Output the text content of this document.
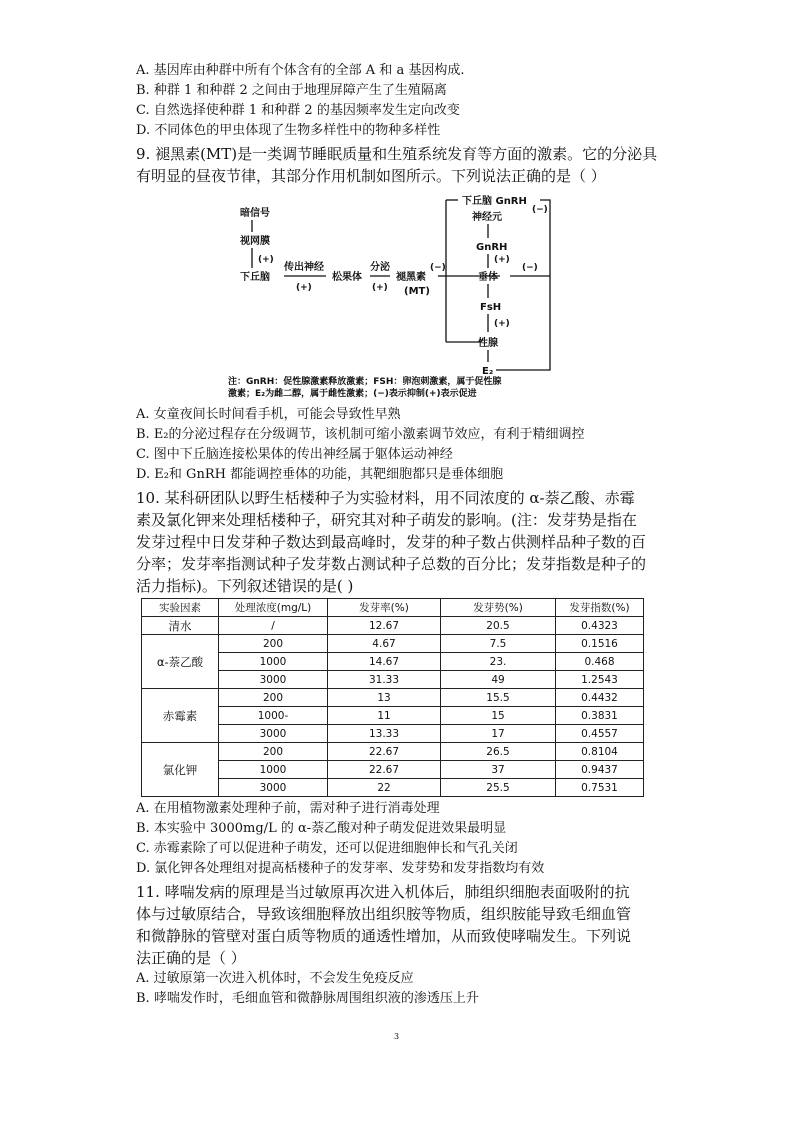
A. 基因库由种群中所有个体含有的全部 A 和 a 基因构成.
B. 种群 1 和种群 2 之间由于地理屏障产生了生殖隔离
C. 自然选择使种群 1 和种群 2 的基因频率发生定向改变
D. 不同体色的甲虫体现了生物多样性中的物种多样性
9. 褪黑素(MT)是一类调节睡眠质量和生殖系统发育等方面的激素。它的分泌具
有明显的昼夜节律，其部分作用机制如图所示。下列说法正确的是（ ）
暗信号
视网膜
(+)
下丘脑
传出神经
(+)
松果体
分泌
(+)
褪黑素
(MT)
(−)
下丘脑 GnRH
神经元
GnRH
(+)
垂体
FsH
(+)
性腺
E₂
(−)
(−)
注：GnRH：促性腺激素释放激素；FSH：卵泡刺激素，属于促性腺
激素；E₂为雌二醇，属于雌性激素；(−)表示抑制(+)表示促进
A. 女童夜间长时间看手机，可能会导致性早熟
B. E₂的分泌过程存在分级调节，该机制可缩小激素调节效应，有利于精细调控
C. 图中下丘脑连接松果体的传出神经属于躯体运动神经
D. E₂和 GnRH 都能调控垂体的功能，其靶细胞都只是垂体细胞
10. 某科研团队以野生栝楼种子为实验材料，用不同浓度的 α-萘乙酸、赤霉
素及氯化钾来处理栝楼种子，研究其对种子萌发的影响。(注：发芽势是指在
发芽过程中日发芽种子数达到最高峰时，发芽的种子数占供测样品种子数的百
分率；发芽率指测试种子发芽数占测试种子总数的百分比；发芽指数是种子的
活力指标)。下列叙述错误的是( )
实验因素	处理浓度(mg/L)	发芽率(%)	发芽势(%)	发芽指数(%)
清水	/	12.67	20.5	0.4323
α-萘乙酸	200	4.67	7.5	0.1516
	1000	14.67	23.	0.468
	3000	31.33	49	1.2543
赤霉素	200	13	15.5	0.4432
	1000-	11	15	0.3831
	3000	13.33	17	0.4557
氯化钾	200	22.67	26.5	0.8104
	1000	22.67	37	0.9437
	3000	22	25.5	0.7531
A. 在用植物激素处理种子前，需对种子进行消毒处理
B. 本实验中 3000mg/L 的 α-萘乙酸对种子萌发促进效果最明显
C. 赤霉素除了可以促进种子萌发，还可以促进细胞伸长和气孔关闭
D. 氯化钾各处理组对提高栝楼种子的发芽率、发芽势和发芽指数均有效
11. 哮喘发病的原理是当过敏原再次进入机体后，肺组织细胞表面吸附的抗
体与过敏原结合，导致该细胞释放出组织胺等物质，组织胺能导致毛细血管
和微静脉的管壁对蛋白质等物质的通透性增加，从而致使哮喘发生。下列说
法正确的是（ ）
A. 过敏原第一次进入机体时，不会发生免疫反应
B. 哮喘发作时，毛细血管和微静脉周围组织液的渗透压上升
3
